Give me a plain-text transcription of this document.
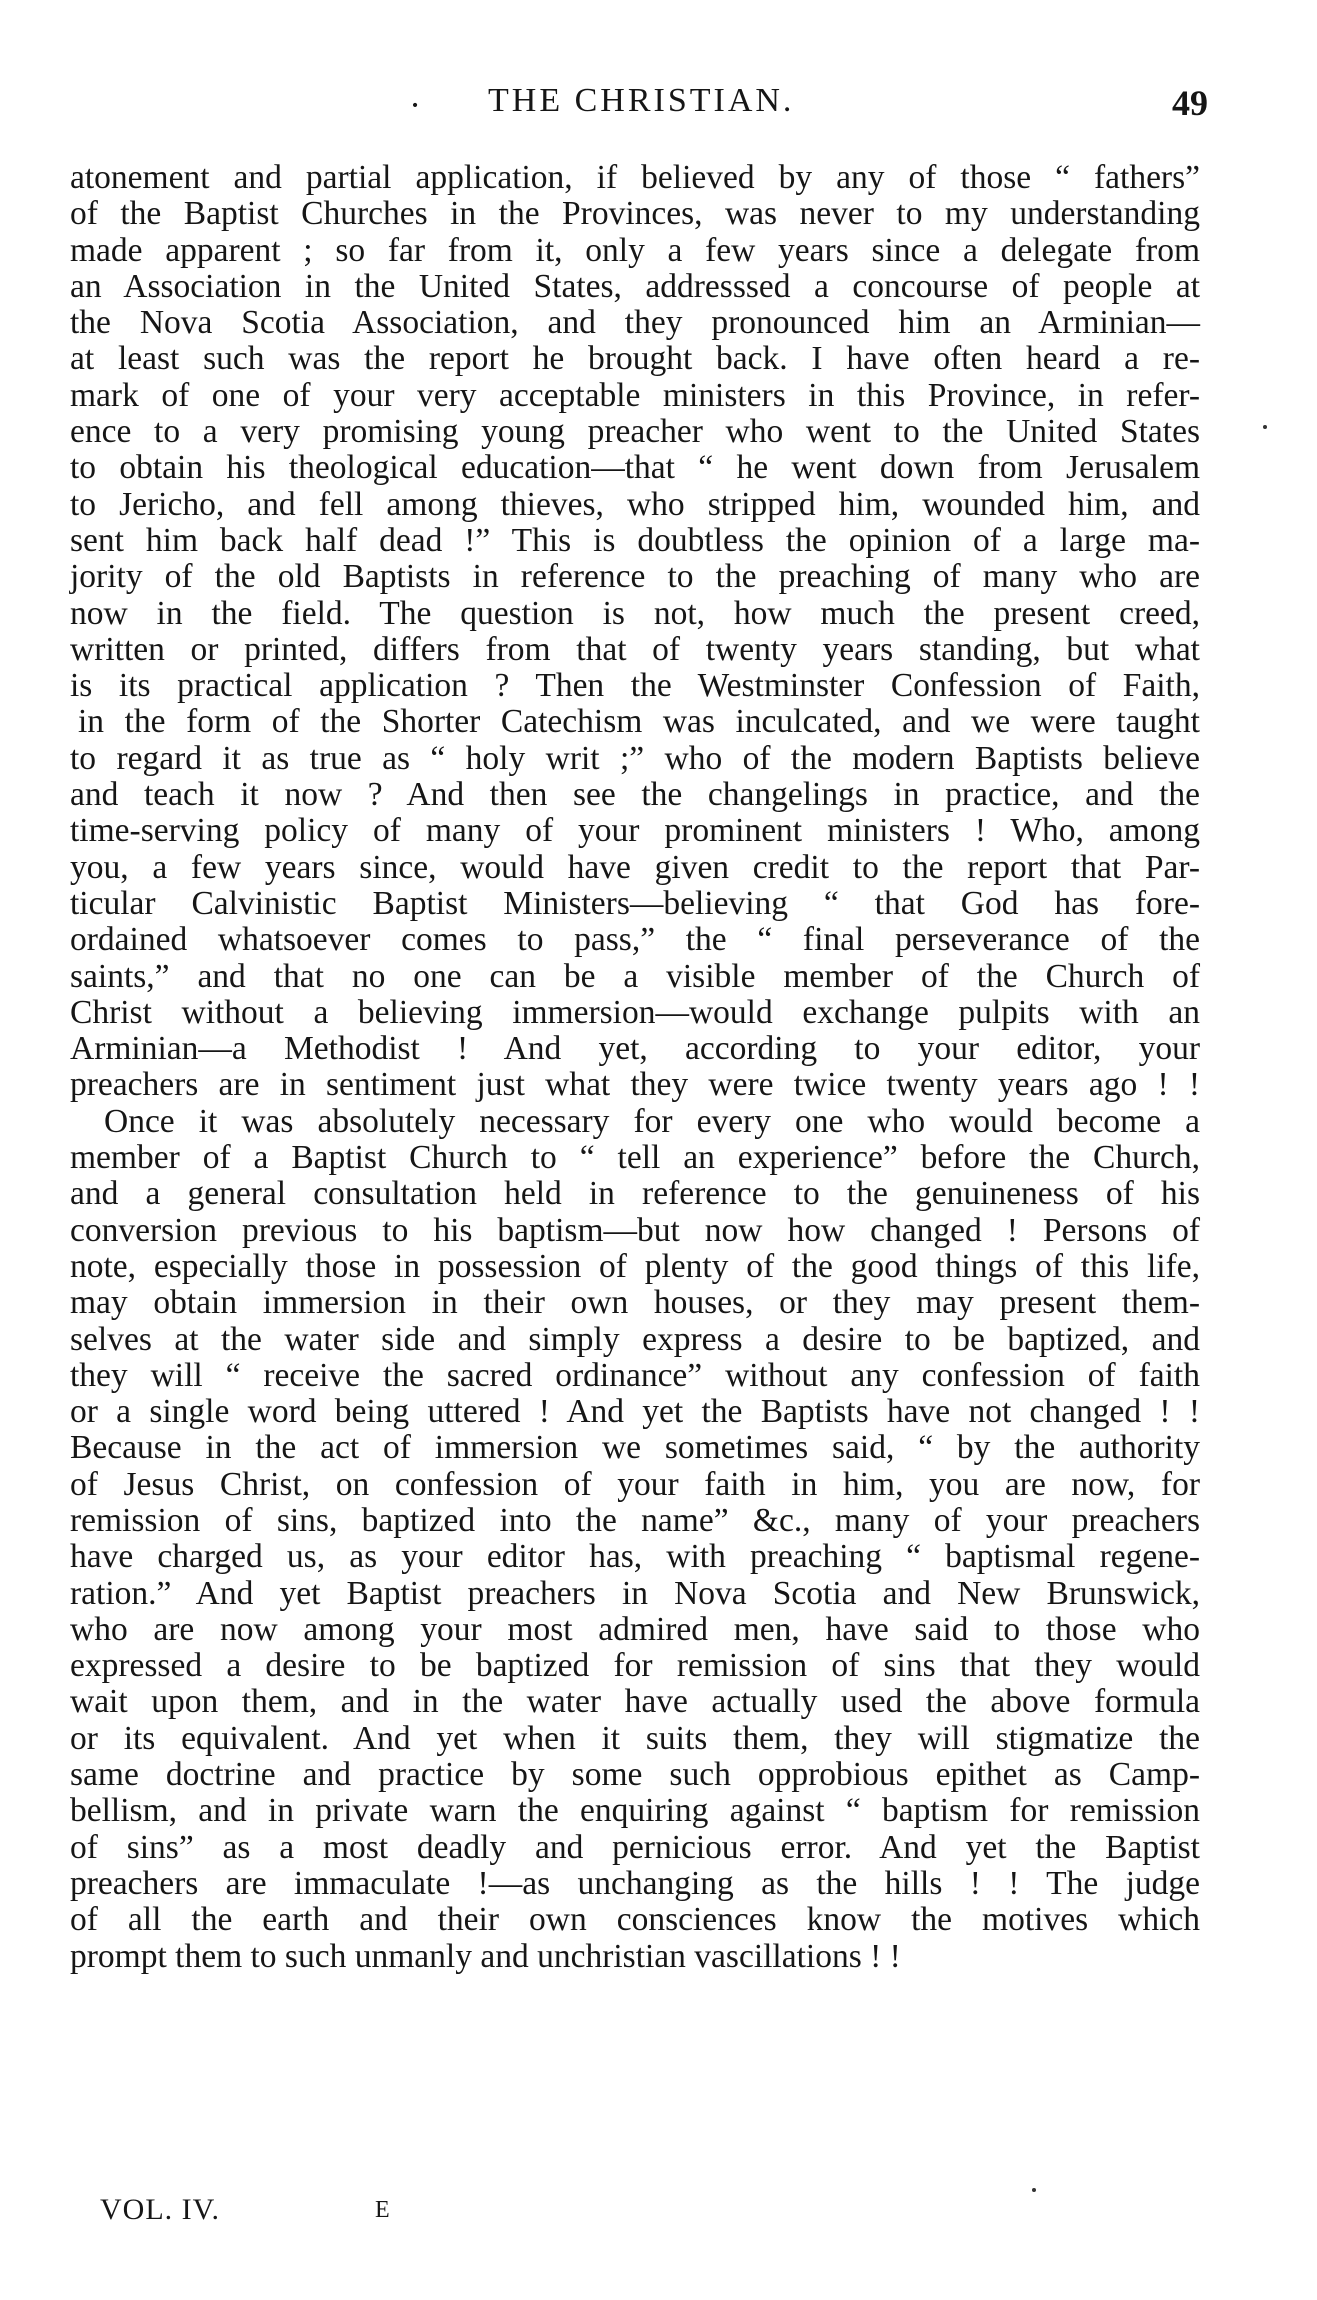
· THE CHRISTIAN.	49
atonement and partial application, if believed by any of those “ fathers”
of the Baptist Churches in the Provinces, was never to my understanding
made apparent ; so far from it, only a few years since a delegate from
an Association in the United States, addresssed a concourse of people at
the Nova Scotia Association, and they pronounced him an Arminian—
at least such was the report he brought back. I have often heard a re-
mark of one of your very acceptable ministers in this Province, in refer-
ence to a very promising young preacher who went to the United States
to obtain his theological education—that “ he went down from Jerusalem
to Jericho, and fell among thieves, who stripped him, wounded him, and
sent him back half dead !” This is doubtless the opinion of a large ma-
jority of the old Baptists in reference to the preaching of many who are
now in the field. The question is not, how much the present creed,
written or printed, differs from that of twenty years standing, but what
is its practical application ? Then the Westminster Confession of Faith,
in the form of the Shorter Catechism was inculcated, and we were taught
to regard it as true as “ holy writ ;” who of the modern Baptists believe
and teach it now ? And then see the changelings in practice, and the
time-serving policy of many of your prominent ministers ! Who, among
you, a few years since, would have given credit to the report that Par-
ticular Calvinistic Baptist Ministers—believing “ that God has fore-
ordained whatsoever comes to pass,” the “ final perseverance of the
saints,” and that no one can be a visible member of the Church of
Christ without a believing immersion—would exchange pulpits with an
Arminian—a Methodist ! And yet, according to your editor, your
preachers are in sentiment just what they were twice twenty years ago ! !
Once it was absolutely necessary for every one who would become a
member of a Baptist Church to “ tell an experience” before the Church,
and a general consultation held in reference to the genuineness of his
conversion previous to his baptism—but now how changed ! Persons of
note, especially those in possession of plenty of the good things of this life,
may obtain immersion in their own houses, or they may present them-
selves at the water side and simply express a desire to be baptized, and
they will “ receive the sacred ordinance” without any confession of faith
or a single word being uttered ! And yet the Baptists have not changed ! !
Because in the act of immersion we sometimes said, “ by the authority
of Jesus Christ, on confession of your faith in him, you are now, for
remission of sins, baptized into the name” &c., many of your preachers
have charged us, as your editor has, with preaching “ baptismal regene-
ration.” And yet Baptist preachers in Nova Scotia and New Brunswick,
who are now among your most admired men, have said to those who
expressed a desire to be baptized for remission of sins that they would
wait upon them, and in the water have actually used the above formula
or its equivalent. And yet when it suits them, they will stigmatize the
same doctrine and practice by some such opprobious epithet as Camp-
bellism, and in private warn the enquiring against “ baptism for remission
of sins” as a most deadly and pernicious error. And yet the Baptist
preachers are immaculate !—as unchanging as the hills ! ! The judge
of all the earth and their own consciences know the motives which
prompt them to such unmanly and unchristian vascillations ! !
VOL. IV.	E
